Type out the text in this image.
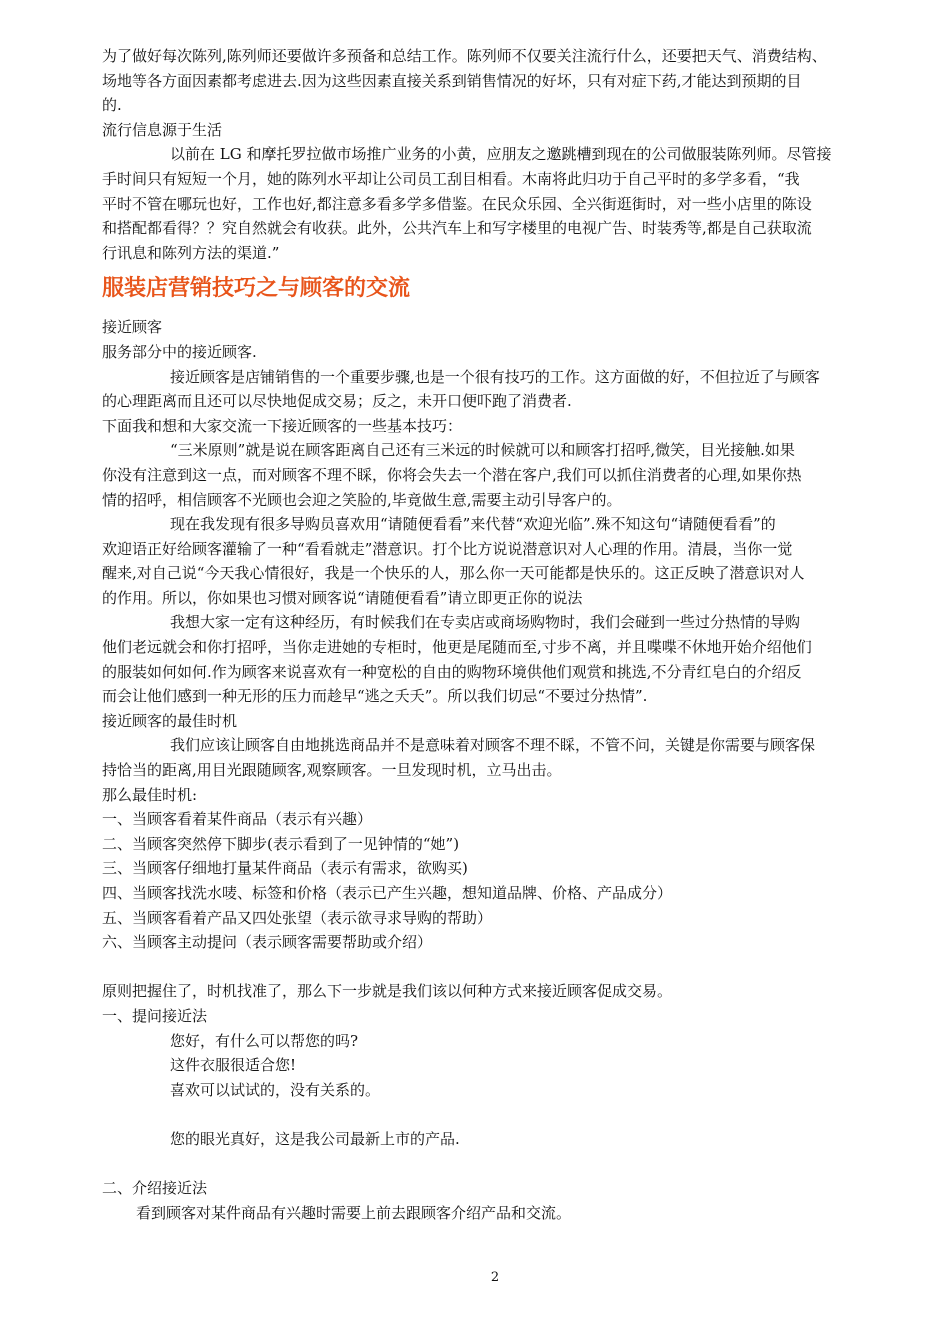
为了做好每次陈列,陈列师还要做许多预备和总结工作。陈列师不仅要关注流行什么，还要把天气、消费结构、

场地等各方面因素都考虑进去.因为这些因素直接关系到销售情况的好坏，只有对症下药,才能达到预期的目

的.

流行信息源于生活

以前在 LG 和摩托罗拉做市场推广业务的小黄，应朋友之邀跳槽到现在的公司做服装陈列师。尽管接

手时间只有短短一个月，她的陈列水平却让公司员工刮目相看。木南将此归功于自己平时的多学多看，“我

平时不管在哪玩也好，工作也好,都注意多看多学多借鉴。在民众乐园、全兴街逛街时，对一些小店里的陈设

和搭配都看得？？究自然就会有收获。此外，公共汽车上和写字楼里的电视广告、时装秀等,都是自己获取流

行讯息和陈列方法的渠道.”

服装店营销技巧之与顾客的交流

接近顾客

服务部分中的接近顾客.

接近顾客是店铺销售的一个重要步骤,也是一个很有技巧的工作。这方面做的好，不但拉近了与顾客

的心理距离而且还可以尽快地促成交易；反之，未开口便吓跑了消费者.

下面我和想和大家交流一下接近顾客的一些基本技巧：

“三米原则”就是说在顾客距离自己还有三米远的时候就可以和顾客打招呼,微笑，目光接触.如果

你没有注意到这一点，而对顾客不理不睬，你将会失去一个潜在客户,我们可以抓住消费者的心理,如果你热

情的招呼，相信顾客不光顾也会迎之笑脸的,毕竟做生意,需要主动引导客户的。

现在我发现有很多导购员喜欢用“请随便看看”来代替“欢迎光临”.殊不知这句“请随便看看”的

欢迎语正好给顾客灌输了一种“看看就走”潜意识。打个比方说说潜意识对人心理的作用。清晨，当你一觉

醒来,对自己说“今天我心情很好，我是一个快乐的人，那么你一天可能都是快乐的。这正反映了潜意识对人

的作用。所以，你如果也习惯对顾客说“请随便看看”请立即更正你的说法

我想大家一定有这种经历，有时候我们在专卖店或商场购物时，我们会碰到一些过分热情的导购

他们老远就会和你打招呼，当你走进她的专柜时，他更是尾随而至,寸步不离，并且喋喋不休地开始介绍他们

的服装如何如何.作为顾客来说喜欢有一种宽松的自由的购物环境供他们观赏和挑选,不分青红皂白的介绍反

而会让他们感到一种无形的压力而趁早“逃之夭夭”。所以我们切忌“不要过分热情”.

接近顾客的最佳时机

我们应该让顾客自由地挑选商品并不是意味着对顾客不理不睬，不管不问，关键是你需要与顾客保

持恰当的距离,用目光跟随顾客,观察顾客。一旦发现时机，立马出击。

那么最佳时机:

一、当顾客看着某件商品（表示有兴趣）

二、当顾客突然停下脚步(表示看到了一见钟情的“她”)

三、当顾客仔细地打量某件商品（表示有需求，欲购买)

四、当顾客找洗水唛、标签和价格（表示已产生兴趣，想知道品牌、价格、产品成分）

五、当顾客看着产品又四处张望（表示欲寻求导购的帮助）

六、当顾客主动提问（表示顾客需要帮助或介绍）

原则把握住了，时机找准了，那么下一步就是我们该以何种方式来接近顾客促成交易。

一、提问接近法

您好，有什么可以帮您的吗?

这件衣服很适合您!

喜欢可以试试的，没有关系的。

您的眼光真好，这是我公司最新上市的产品.

二、介绍接近法

看到顾客对某件商品有兴趣时需要上前去跟顾客介绍产品和交流。

2
